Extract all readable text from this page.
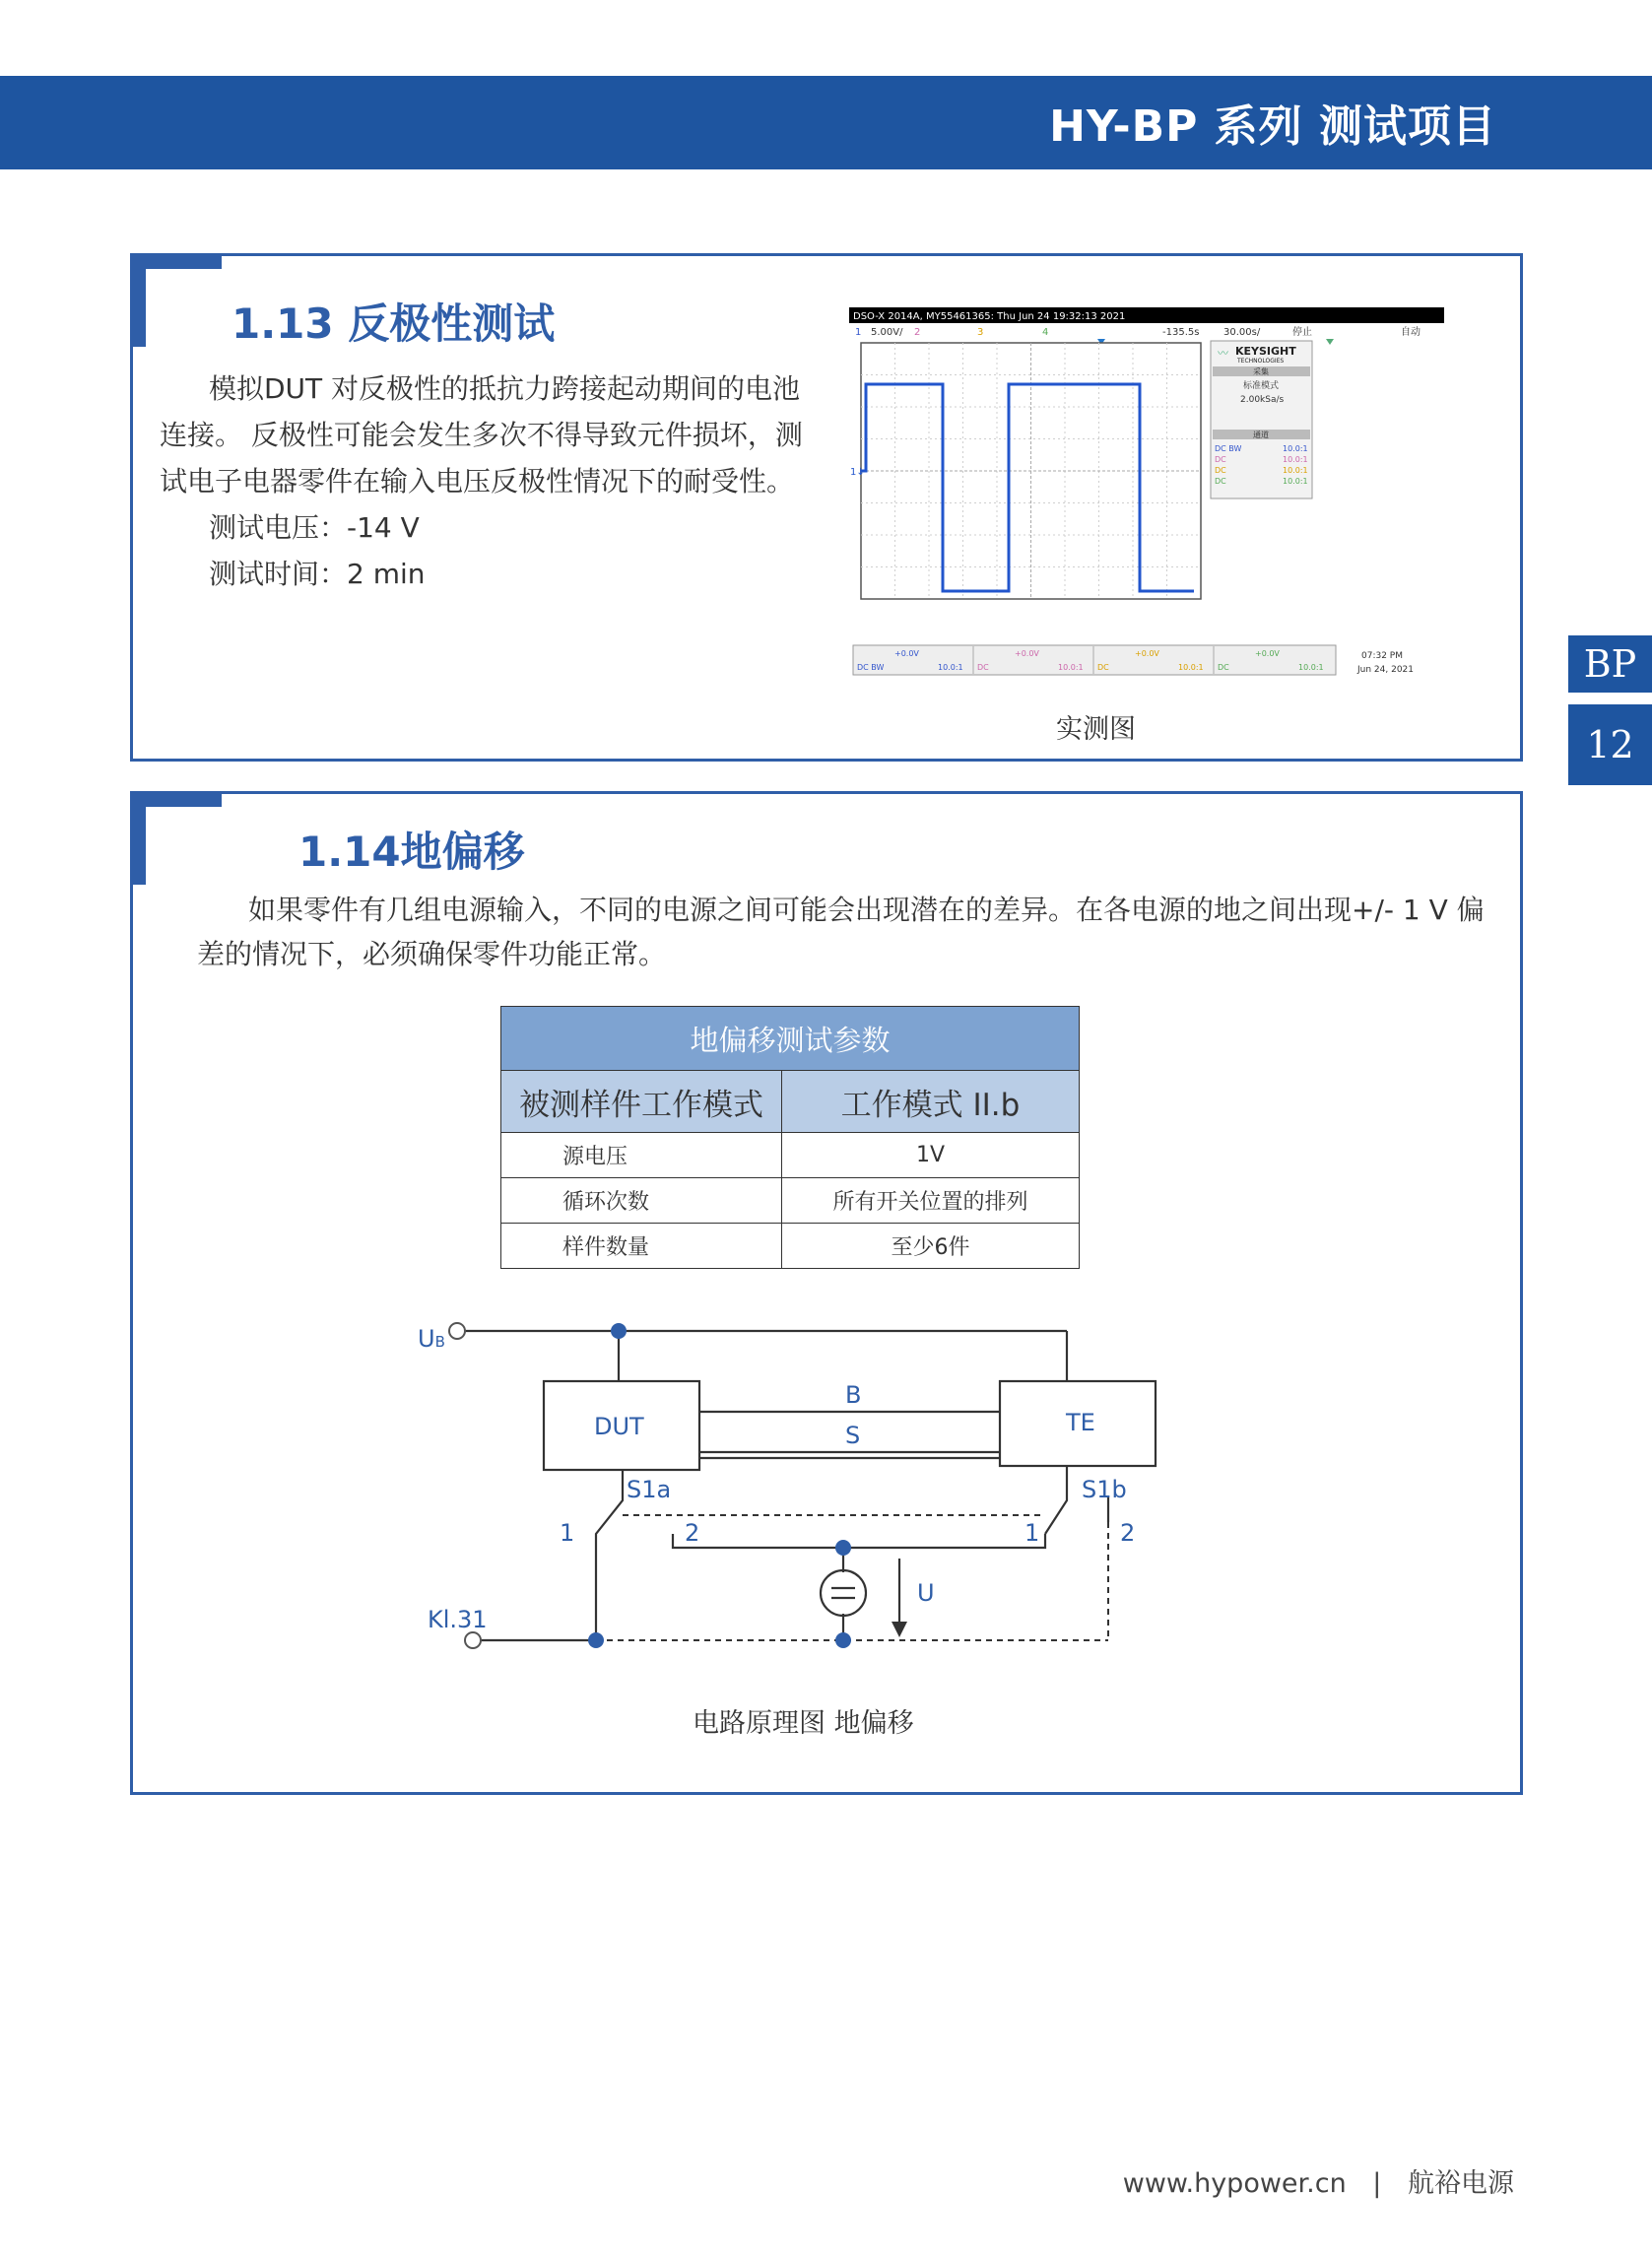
HY-BP 系列 测试项目
BP
12
1.13 反极性测试
模拟DUT 对反极性的抵抗力跨接起动期间的电池
连接。 反极性可能会发生多次不得导致元件损坏，测
试电子电器零件在输入电压反极性情况下的耐受性。
测试电压：-14 V
测试时间：2 min
DSO-X 2014A, MY55461365: Thu Jun 24 19:32:13 2021
1 5.00V/ 2	3	4	-135.5s 30.00s/	停止	自动
1↓
〰 KEYSIGHT
TECHNOLOGIES
采集
标准模式
2.00kSa/s
通道
DC BW	10.0:1
DC	10.0:1
DC	10.0:1
DC	10.0:1
+0.0V
DC BW	10.0:1
+0.0V
DC	10.0:1
+0.0V
DC	10.0:1
+0.0V
DC	10.0:1
07:32 PM
Jun 24, 2021
实测图
1.14地偏移
如果零件有几组电源输入，不同的电源之间可能会出现潜在的差异。在各电源的地之间出现+/- 1 V 偏
差的情况下，必须确保零件功能正常。
地偏移测试参数	
被测样件工作模式	工作模式 II.b
源电压	1V
循环次数	所有开关位置的排列
样件数量	至少6件
UB
DUT	TE
B
S
S1a	S1b
1	2	1	2
U
Kl.31
电路原理图 地偏移
www.hypower.cn | 航裕电源
